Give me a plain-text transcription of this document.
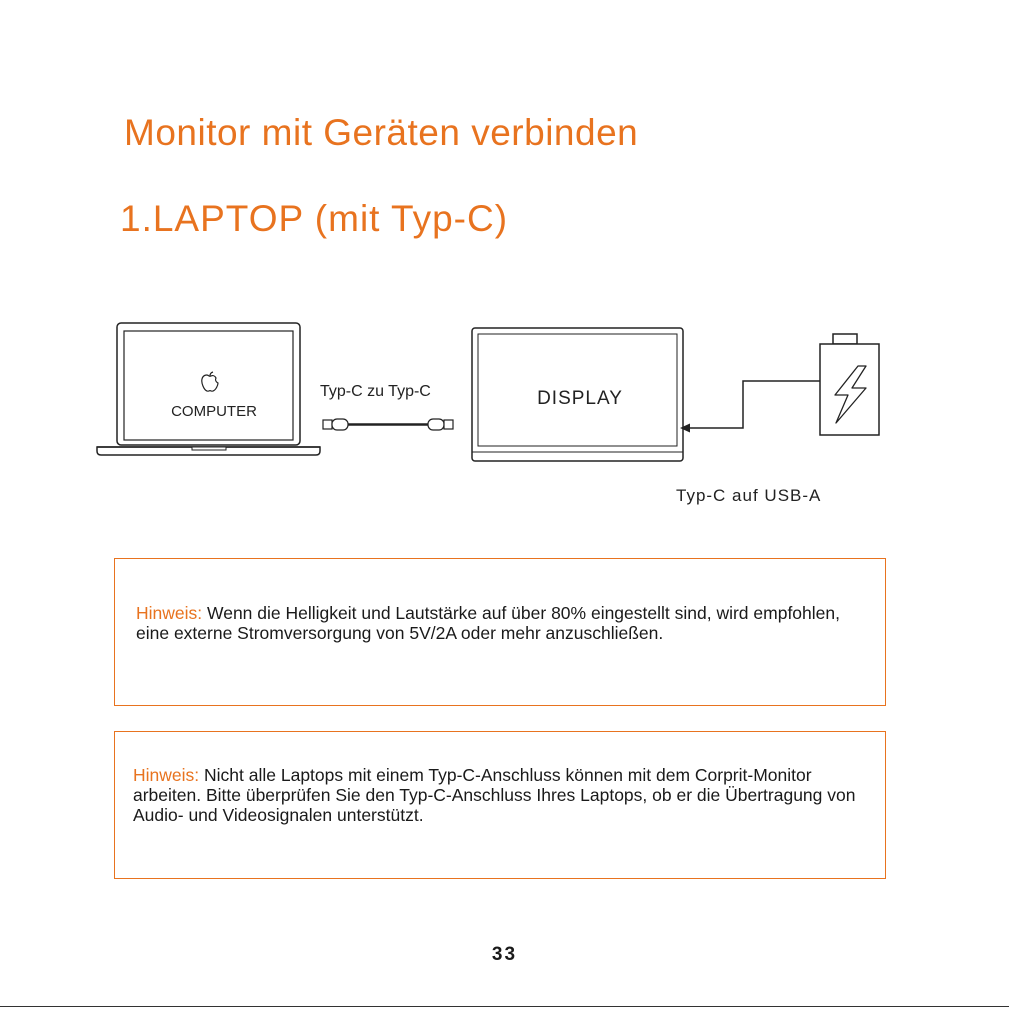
Monitor mit Geräten verbinden
1.LAPTOP (mit Typ-C)
COMPUTER
Typ-C zu Typ-C	DISPLAY
Typ-C auf USB-A

Hinweis: Wenn die Helligkeit und Lautstärke auf über 80% eingestellt sind, wird empfohlen, eine externe Stromversorgung von 5V/2A oder mehr anzuschließen.

Hinweis: Nicht alle Laptops mit einem Typ-C-Anschluss können mit dem Corprit-Monitor arbeiten. Bitte überprüfen Sie den Typ-C-Anschluss Ihres Laptops, ob er die Übertragung von Audio- und Videosignalen unterstützt.

33
